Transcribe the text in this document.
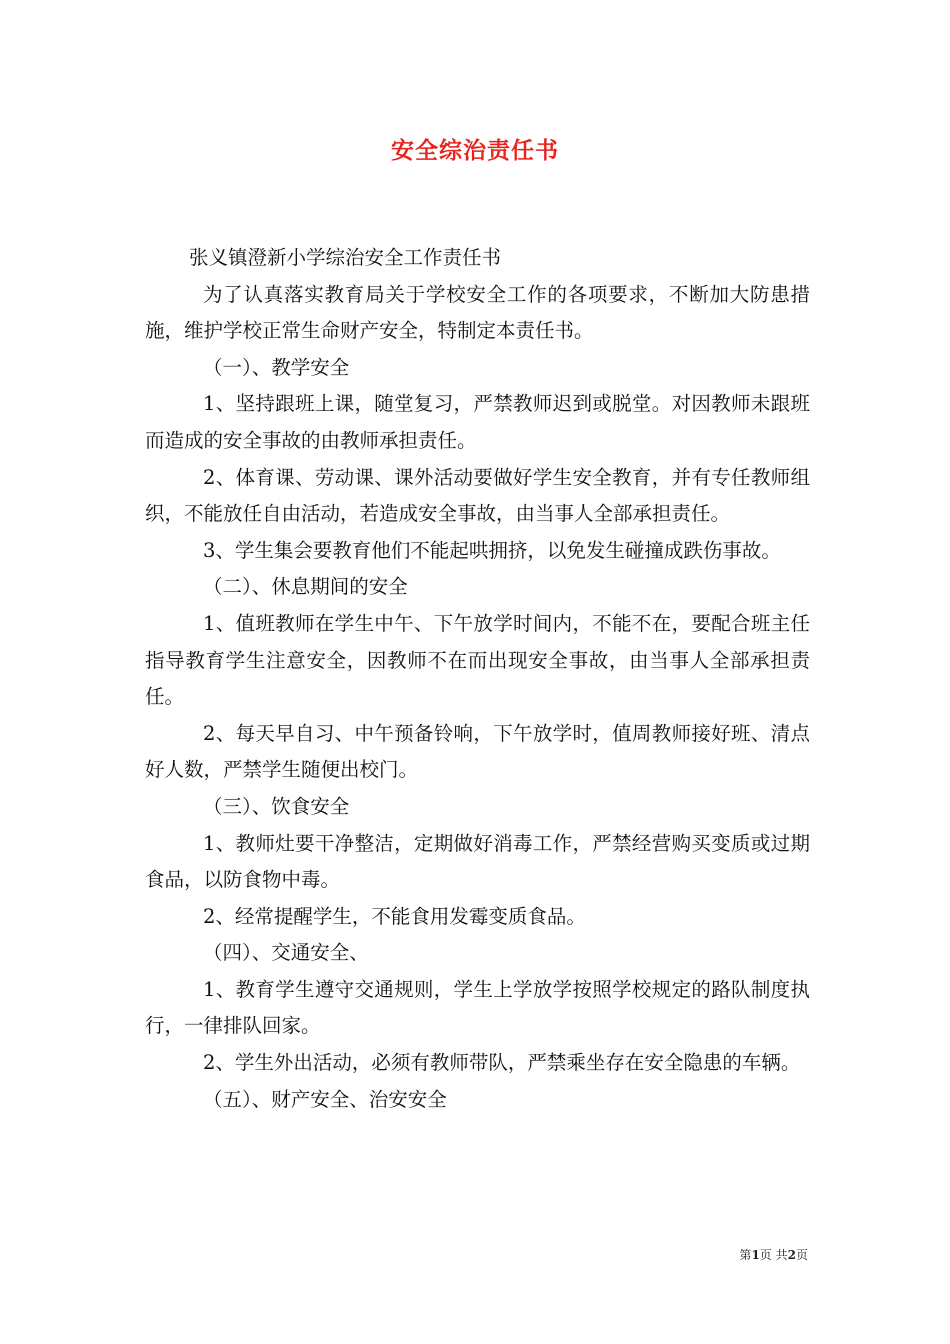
安全综治责任书

张义镇澄新小学综治安全工作责任书

为了认真落实教育局关于学校安全工作的各项要求，不断加大防患措施，维护学校正常生命财产安全，特制定本责任书。

（一）、教学安全

1、坚持跟班上课，随堂复习，严禁教师迟到或脱堂。对因教师未跟班而造成的安全事故的由教师承担责任。

2、体育课、劳动课、课外活动要做好学生安全教育，并有专任教师组织，不能放任自由活动，若造成安全事故，由当事人全部承担责任。

3、学生集会要教育他们不能起哄拥挤，以免发生碰撞成跌伤事故。

（二）、休息期间的安全

1、值班教师在学生中午、下午放学时间内，不能不在，要配合班主任指导教育学生注意安全，因教师不在而出现安全事故，由当事人全部承担责任。

2、每天早自习、中午预备铃响，下午放学时，值周教师接好班、清点好人数，严禁学生随便出校门。

（三）、饮食安全

1、教师灶要干净整洁，定期做好消毒工作，严禁经营购买变质或过期食品，以防食物中毒。

2、经常提醒学生，不能食用发霉变质食品。

（四）、交通安全、

1、教育学生遵守交通规则，学生上学放学按照学校规定的路队制度执行，一律排队回家。

2、学生外出活动，必须有教师带队，严禁乘坐存在安全隐患的车辆。

（五）、财产安全、治安安全

第1页 共2页
